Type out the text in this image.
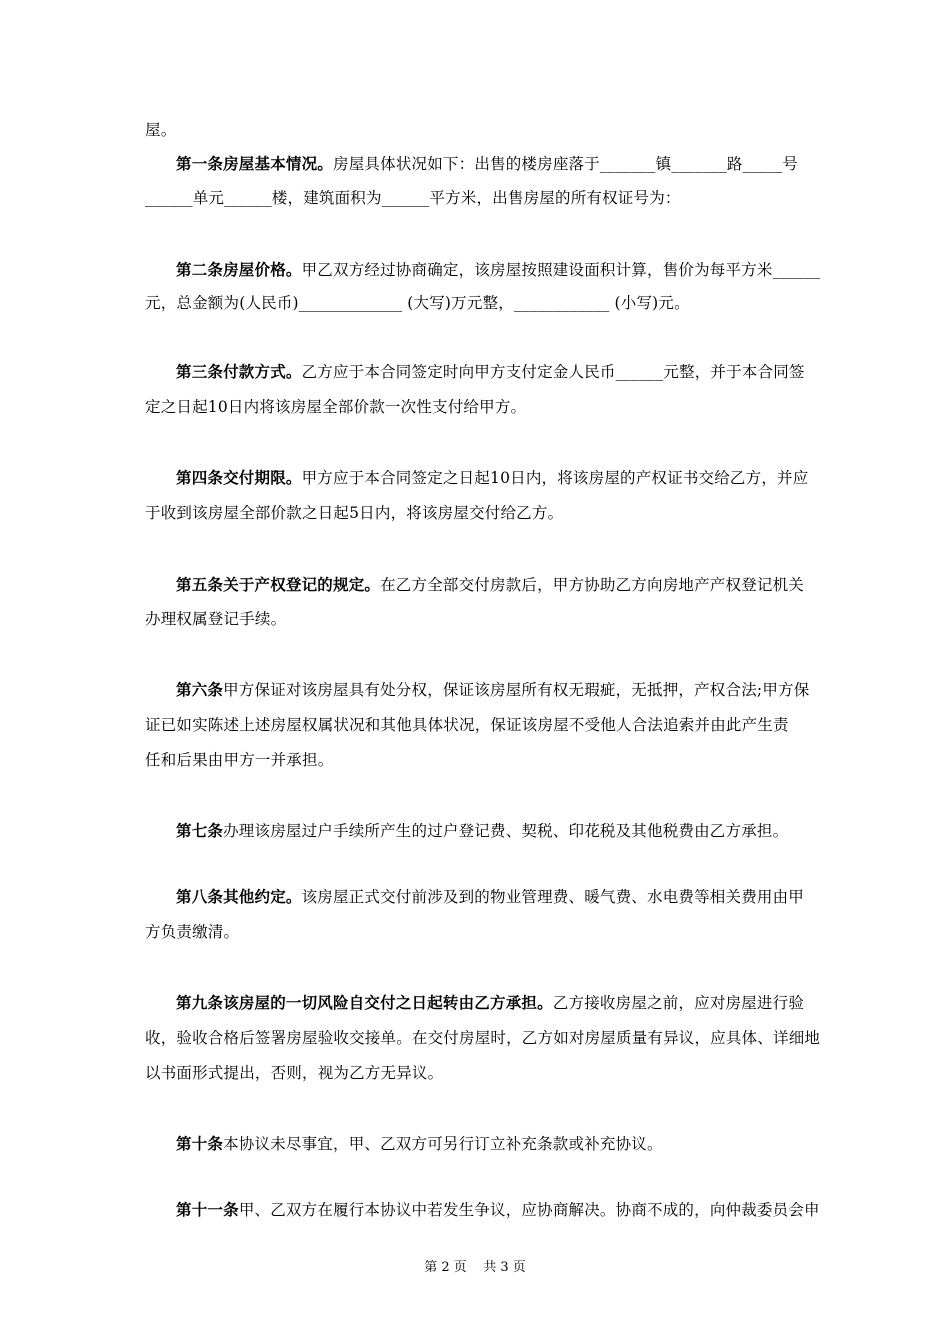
屋。
第一条房屋基本情况。房屋具体状况如下：出售的楼房座落于_______镇_______路_____号
______单元______楼，建筑面积为______平方米，出售房屋的所有权证号为：
第二条房屋价格。甲乙双方经过协商确定，该房屋按照建设面积计算，售价为每平方米______
元，总金额为(人民币)_____________ (大写)万元整，____________ (小写)元。
第三条付款方式。乙方应于本合同签定时向甲方支付定金人民币______元整，并于本合同签
定之日起10日内将该房屋全部价款一次性支付给甲方。
第四条交付期限。甲方应于本合同签定之日起10日内，将该房屋的产权证书交给乙方，并应
于收到该房屋全部价款之日起5日内，将该房屋交付给乙方。
第五条关于产权登记的规定。在乙方全部交付房款后，甲方协助乙方向房地产产权登记机关
办理权属登记手续。
第六条甲方保证对该房屋具有处分权，保证该房屋所有权无瑕疵，无抵押，产权合法;甲方保
证已如实陈述上述房屋权属状况和其他具体状况，保证该房屋不受他人合法追索并由此产生责
任和后果由甲方一并承担。
第七条办理该房屋过户手续所产生的过户登记费、契税、印花税及其他税费由乙方承担。
第八条其他约定。该房屋正式交付前涉及到的物业管理费、暖气费、水电费等相关费用由甲
方负责缴清。
第九条该房屋的一切风险自交付之日起转由乙方承担。乙方接收房屋之前，应对房屋进行验
收，验收合格后签署房屋验收交接单。在交付房屋时，乙方如对房屋质量有异议，应具体、详细地
以书面形式提出，否则，视为乙方无异议。
第十条本协议未尽事宜，甲、乙双方可另行订立补充条款或补充协议。
第十一条甲、乙双方在履行本协议中若发生争议，应协商解决。协商不成的，向仲裁委员会申
第 2 页 共 3 页
